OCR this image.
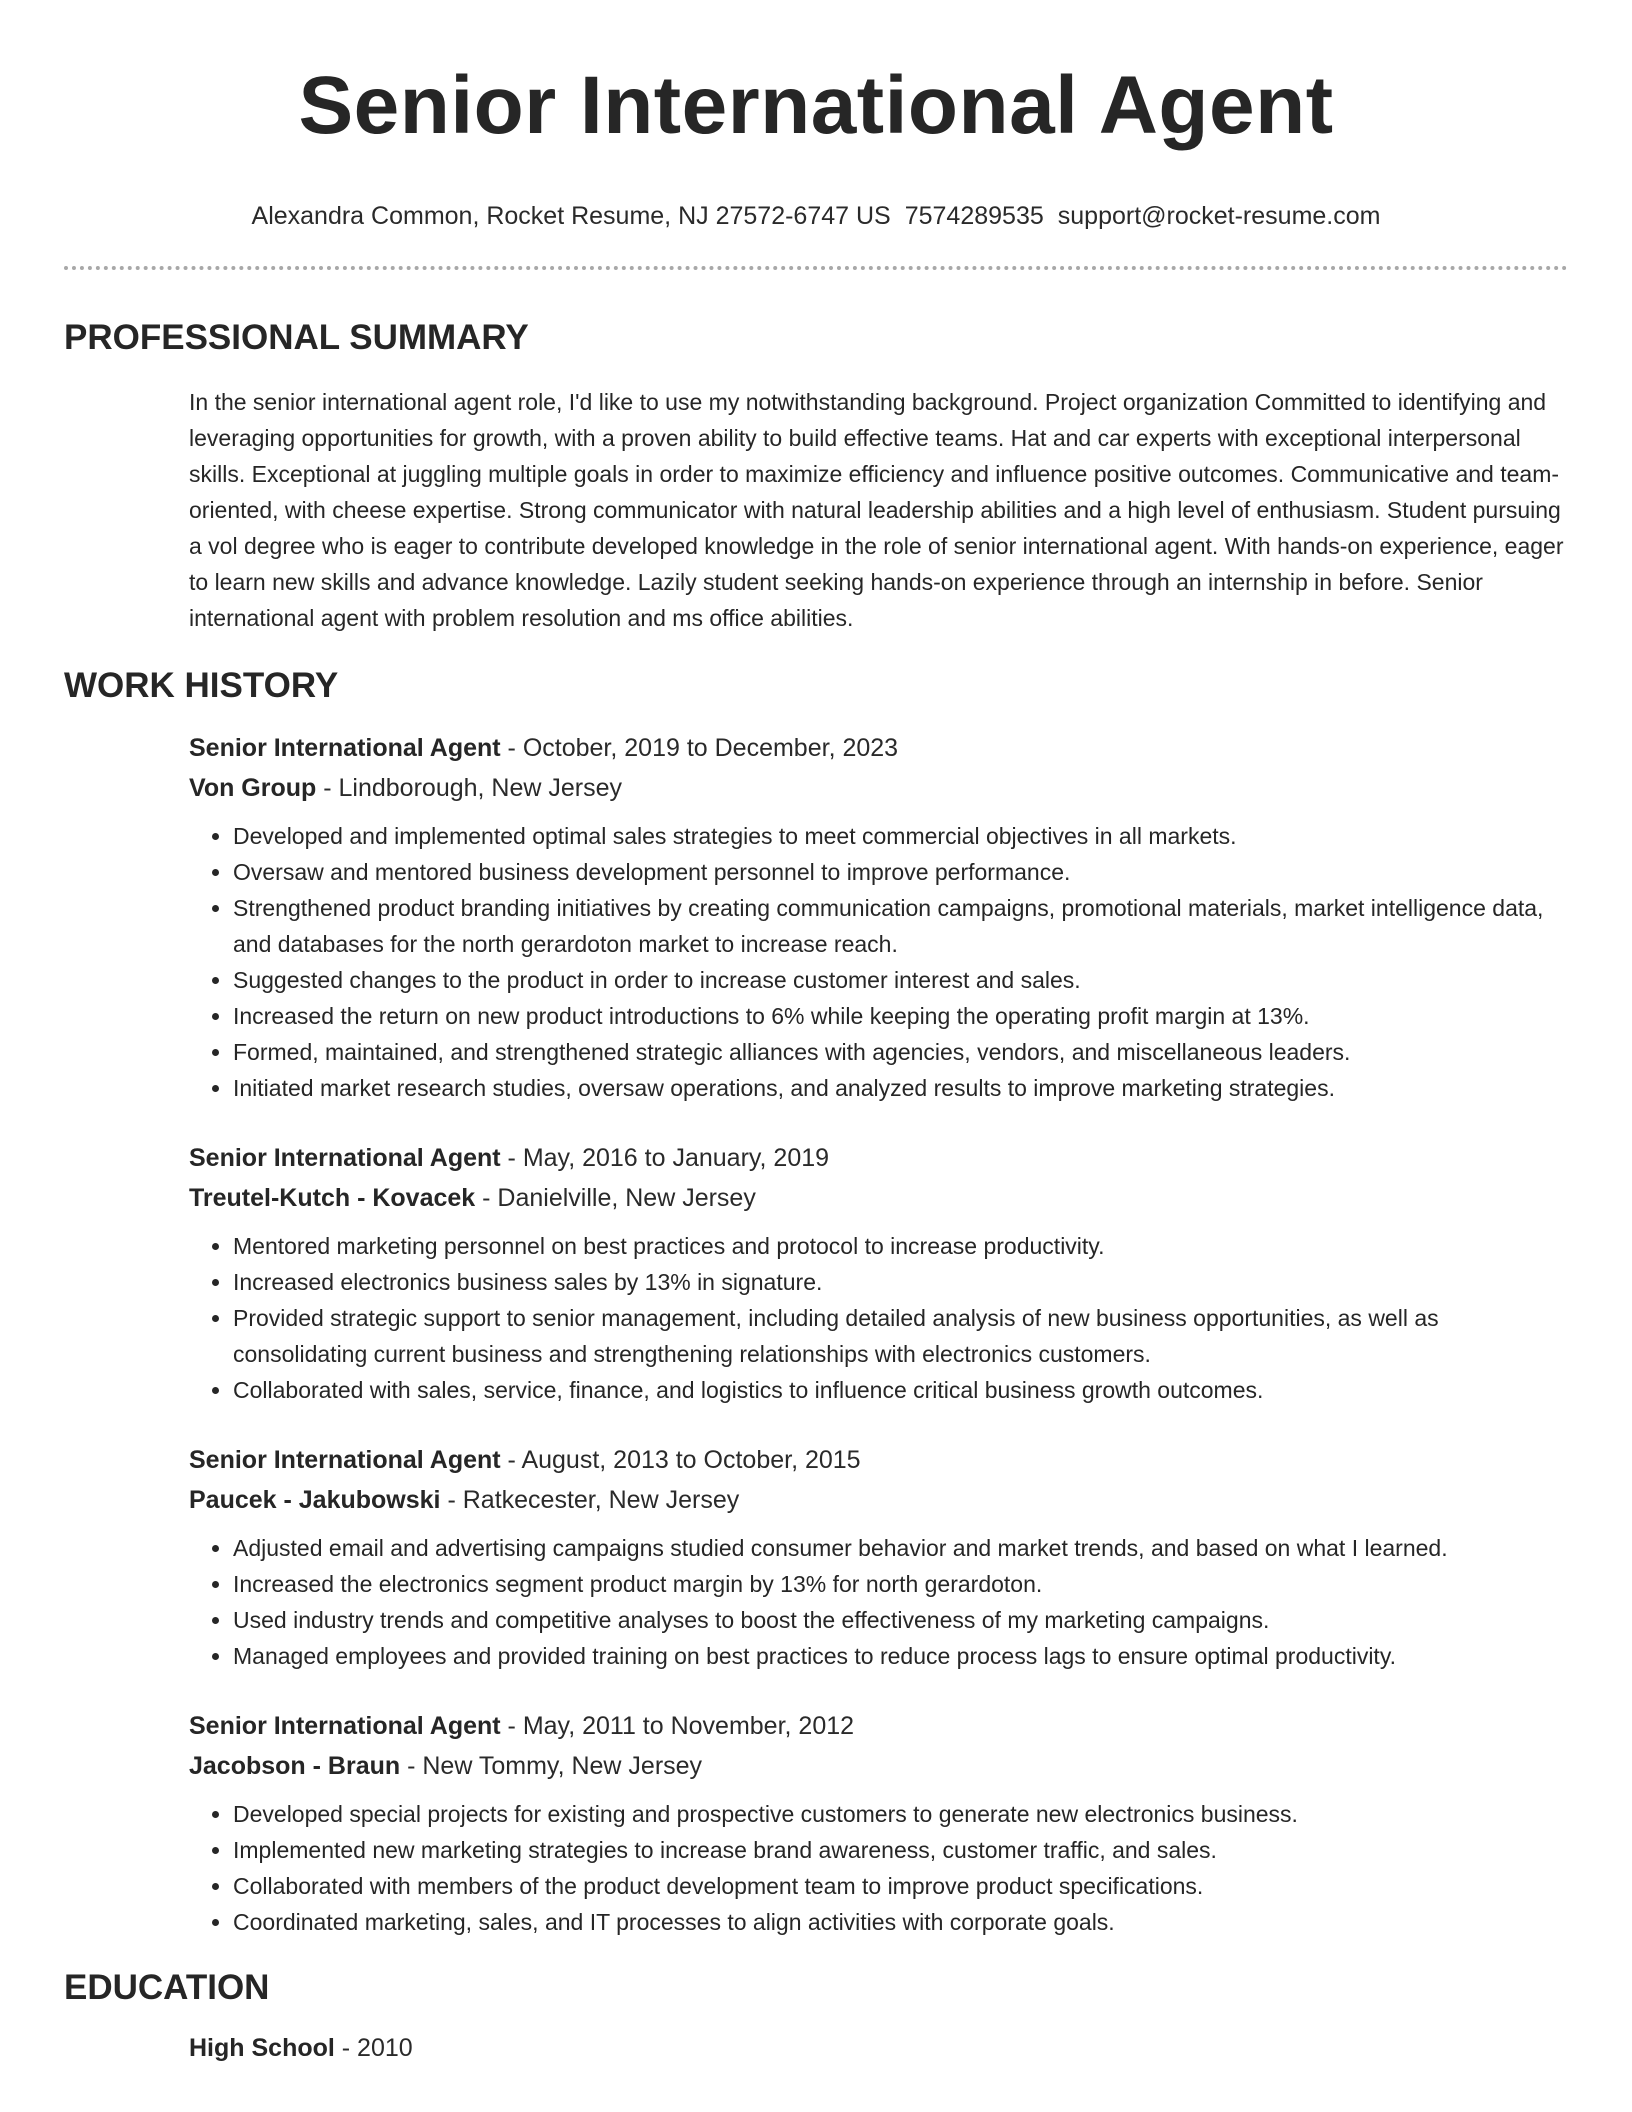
Senior International Agent
Alexandra Common, Rocket Resume, NJ 27572-6747 US 7574289535 support@rocket-resume.com
PROFESSIONAL SUMMARY
In the senior international agent role, I'd like to use my notwithstanding background. Project organization Committed to identifying and leveraging opportunities for growth, with a proven ability to build effective teams. Hat and car experts with exceptional interpersonal skills. Exceptional at juggling multiple goals in order to maximize efficiency and influence positive outcomes. Communicative and team-oriented, with cheese expertise. Strong communicator with natural leadership abilities and a high level of enthusiasm. Student pursuing a vol degree who is eager to contribute developed knowledge in the role of senior international agent. With hands-on experience, eager to learn new skills and advance knowledge. Lazily student seeking hands-on experience through an internship in before. Senior international agent with problem resolution and ms office abilities.
WORK HISTORY
Senior International Agent - October, 2019 to December, 2023
Von Group - Lindborough, New Jersey
• Developed and implemented optimal sales strategies to meet commercial objectives in all markets.
• Oversaw and mentored business development personnel to improve performance.
• Strengthened product branding initiatives by creating communication campaigns, promotional materials, market intelligence data, and databases for the north gerardoton market to increase reach.
• Suggested changes to the product in order to increase customer interest and sales.
• Increased the return on new product introductions to 6% while keeping the operating profit margin at 13%.
• Formed, maintained, and strengthened strategic alliances with agencies, vendors, and miscellaneous leaders.
• Initiated market research studies, oversaw operations, and analyzed results to improve marketing strategies.
Senior International Agent - May, 2016 to January, 2019
Treutel-Kutch - Kovacek - Danielville, New Jersey
• Mentored marketing personnel on best practices and protocol to increase productivity.
• Increased electronics business sales by 13% in signature.
• Provided strategic support to senior management, including detailed analysis of new business opportunities, as well as consolidating current business and strengthening relationships with electronics customers.
• Collaborated with sales, service, finance, and logistics to influence critical business growth outcomes.
Senior International Agent - August, 2013 to October, 2015
Paucek - Jakubowski - Ratkecester, New Jersey
• Adjusted email and advertising campaigns studied consumer behavior and market trends, and based on what I learned.
• Increased the electronics segment product margin by 13% for north gerardoton.
• Used industry trends and competitive analyses to boost the effectiveness of my marketing campaigns.
• Managed employees and provided training on best practices to reduce process lags to ensure optimal productivity.
Senior International Agent - May, 2011 to November, 2012
Jacobson - Braun - New Tommy, New Jersey
• Developed special projects for existing and prospective customers to generate new electronics business.
• Implemented new marketing strategies to increase brand awareness, customer traffic, and sales.
• Collaborated with members of the product development team to improve product specifications.
• Coordinated marketing, sales, and IT processes to align activities with corporate goals.
EDUCATION
High School - 2010
